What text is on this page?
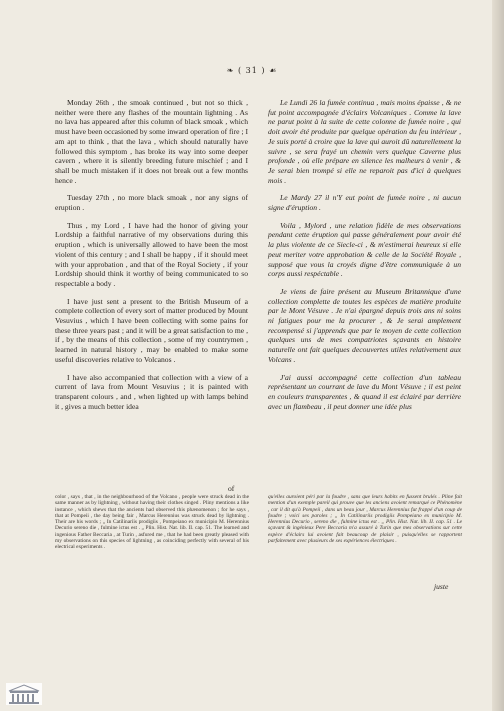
❧ ( 31 ) ☙

Monday 26th , the smoak continued , but not so thick , neither were there any flashes of the mountain lightning . As no lava has appeared after this column of black smoak , which must have been occasioned by some inward operation of fire ; I am apt to think , that the lava , which should naturally have followed this symptom , has broke its way into some deeper cavern , where it is silently breeding future mischief ; and I shall be much mistaken if it does not break out a few months hence .

Tuesday 27th , no more black smoak , nor any signs of eruption .

Thus , my Lord , I have had the honor of giving your Lordship a faithful narrative of my observations during this eruption , which is universally allowed to have been the most violent of this century ; and I shall be happy , if it should meet with your approbation , and that of the Royal Society , if your Lordship should think it worthy of being communicated to so respectable a body .

I have just sent a present to the British Museum of a complete collection of every sort of matter produced by Mount Vesuvius , which I have been collecting with some pains for these three years past ; and it will be a great satisfaction to me , if , by the means of this collection , some of my countrymen , learned in natural history , may be enabled to make some useful discoveries relative to Volcanos .

I have also accompanied that collection with a view of a current of lava from Mount Vesuvius ; it is painted with transparent colours , and , when lighted up with lamps behind it , gives a much better idea

Le Lundi 26 la fumée continua , mais moins épaisse , & ne fut point accompagnée d'éclairs Volcaniques . Comme la lave ne parut point à la suite de cette colonne de fumée noire , qui doit avoir été produite par quelque opération du feu intérieur , Je suis porté à croire que la lave qui auroit dû naturellement la suivre , se sera frayé un chemin vers quelque Caverne plus profonde , où elle prépare en silence les malheurs à venir , & Je serai bien trompé si elle ne reparoit pas d'ici à quelques mois .

Le Mardy 27 il n'Y eut point de fumée noire , ni aucun signe d'éruption .

Voila , Mylord , une relation fidèle de mes observations pendant cette éruption qui passe généralement pour avoir été la plus violente de ce Siecle-ci , & m'estimerai heureux si elle peut meriter votre approbation & celle de la Société Royale , supposé que vous la croyés digne d'être communiquée à un corps aussi respéctable .

Je viens de faire présent au Museum Britannique d'une collection complette de toutes les espèces de matière produite par le Mont Vésuve . Je n'ai épargné depuis trois ans ni soins ni fatigues pour me la procurer , & Je serai amplement recompensé si j'apprends que par le moyen de cette collection quelques uns de mes compatriotes sçavants en histoire naturelle ont fait quelques decouvertes utiles relativement aux Volcans .

J'ai aussi accompagné cette collection d'un tableau représentant un courrant de lave du Mont Vésuve ; il est peint en couleurs transparentes , & quand il est éclairé par derrière avec un flambeau , il peut donner une idée plus

of
juste
color , says , that , in the neighbourhood of the Volcano , people were struck dead in the same manner as by lightning , without having their clothes singed . Pliny mentions a like instance , which shews that the ancients had observed this phænomenon ; for he says , that at Pompeii , the day being fair , Marcus Herennius was struck dead by lightning . Their are his words ; „ In Catilinariis prodigiis , Pompeiano ex municipio M. Herennius Decurio sereno die , fulmine ictus est . „ Plin. Hist. Nat. lib. II. cap. 51. The learned and ingenious Father Beccaria , at Turin , asfured me , that he had been greatly pleased with my observations on this species of lightning , as coinciding perfectly with several of his electrical experiments .
qu'elles auroient péri par la foudre , sans que leurs habits en fussent brulés . Pline fait mention d'un exemple pareil qui prouve que les anciens avoient remarqué ce Phénomène , car il dit qu'à Pompeii , dans un beau jour , Marcus Herennius fut frappé d'un coup de foudre ; voici ses paroles ; „ In Catilinariis prodigiis Pompeiano ex municipio M. Herennius Decurio , sereno die , fulmine ictus est . „ Plin. Hist. Nat. lib. II. cap. 51 . Le sçavant & ingénieux Pere Beccaria m'a assuré à Turin que mes observations sur cette espèce d'éclairs lui avoient fait beaucoup de plaisir , puisqu'elles se rapportent parfaitement avec plusieurs de ses expériences électriques .
